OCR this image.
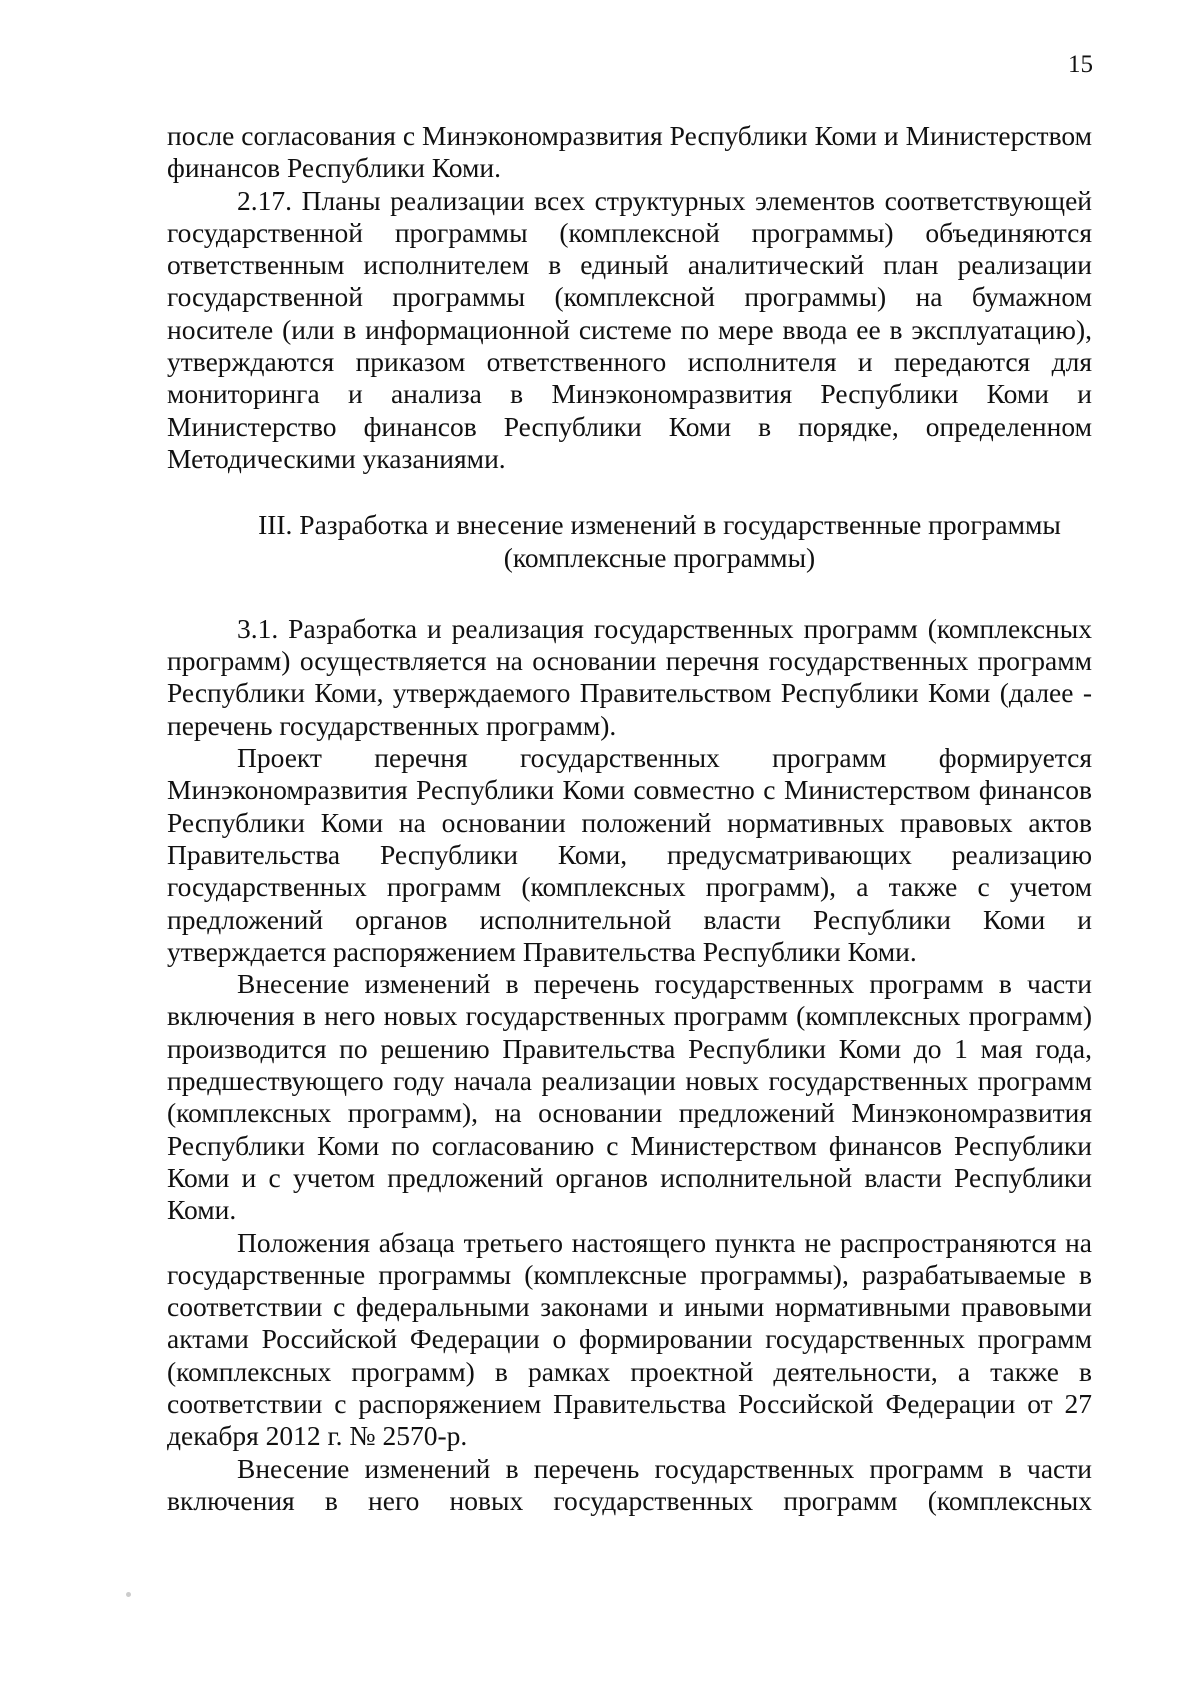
15

после согласования с Минэкономразвития Республики Коми и Министерством финансов Республики Коми.

2.17. Планы реализации всех структурных элементов соответствующей государственной программы (комплексной программы) объединяются ответственным исполнителем в единый аналитический план реализации государственной программы (комплексной программы) на бумажном носителе (или в информационной системе по мере ввода ее в эксплуатацию), утверждаются приказом ответственного исполнителя и передаются для мониторинга и анализа в Минэкономразвития Республики Коми и Министерство финансов Республики Коми в порядке, определенном Методическими указаниями.

III. Разработка и внесение изменений в государственные программы

(комплексные программы)

3.1. Разработка и реализация государственных программ (комплексных программ) осуществляется на основании перечня государственных программ Республики Коми, утверждаемого Правительством Республики Коми (далее - перечень государственных программ).

Проект перечня государственных программ формируется Минэкономразвития Республики Коми совместно с Министерством финансов Республики Коми на основании положений нормативных правовых актов Правительства Республики Коми, предусматривающих реализацию государственных программ (комплексных программ), а также с учетом предложений органов исполнительной власти Республики Коми и утверждается распоряжением Правительства Республики Коми.

Внесение изменений в перечень государственных программ в части включения в него новых государственных программ (комплексных программ) производится по решению Правительства Республики Коми до 1 мая года, предшествующего году начала реализации новых государственных программ (комплексных программ), на основании предложений Минэкономразвития Республики Коми по согласованию с Министерством финансов Республики Коми и с учетом предложений органов исполнительной власти Республики Коми.

Положения абзаца третьего настоящего пункта не распространяются на государственные программы (комплексные программы), разрабатываемые в соответствии с федеральными законами и иными нормативными правовыми актами Российской Федерации о формировании государственных программ (комплексных программ) в рамках проектной деятельности, а также в соответствии с распоряжением Правительства Российской Федерации от 27 декабря 2012 г. № 2570-р.

Внесение изменений в перечень государственных программ в части включения в него новых государственных программ (комплексных
